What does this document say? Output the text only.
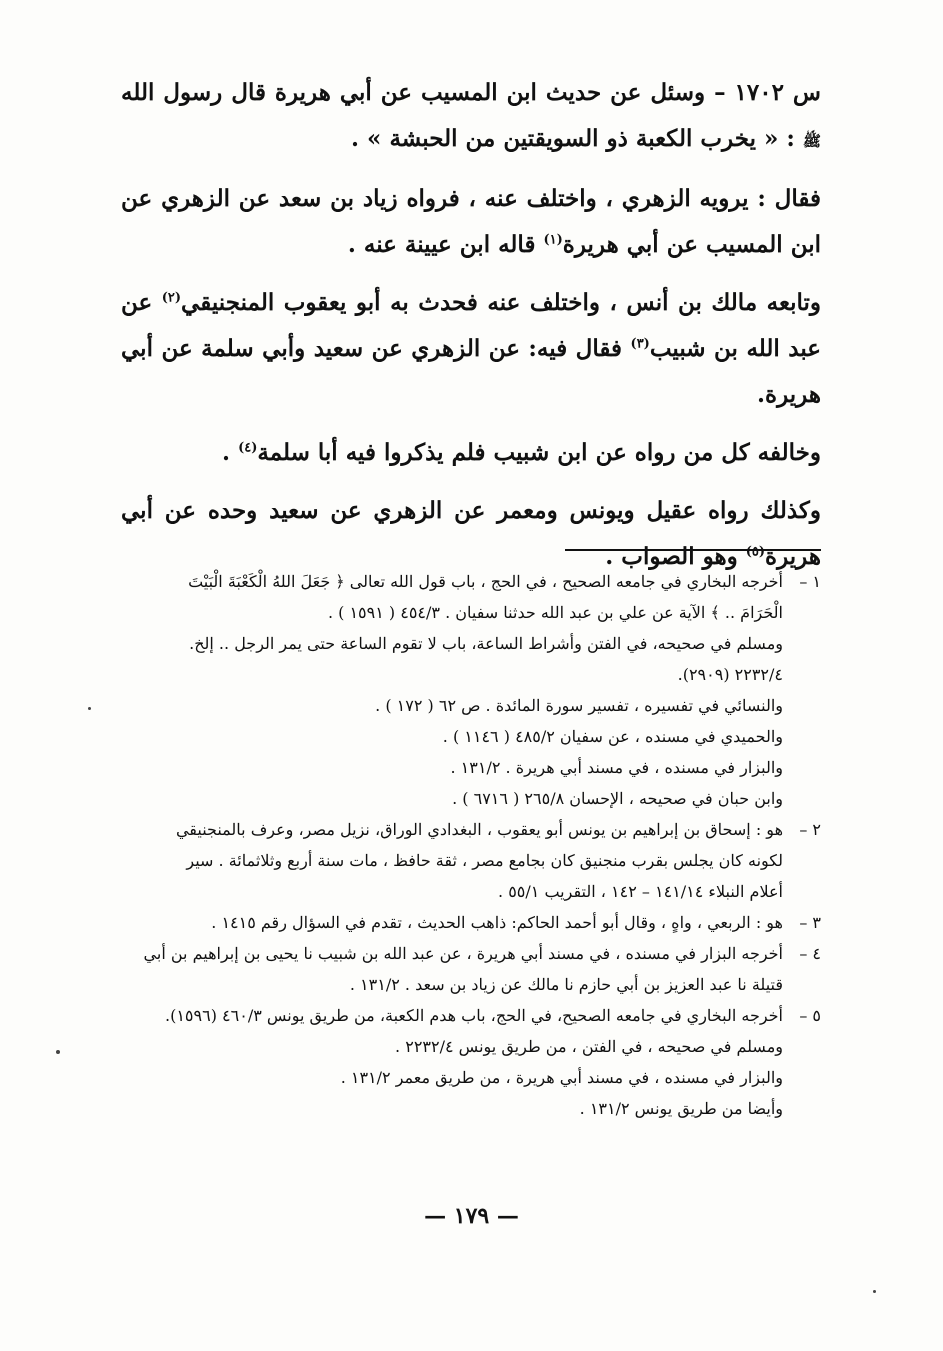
س ١٧٠٢ – وسئل عن حديث ابن المسيب عن أبي هريرة قال رسول الله ﷺ : « يخرب الكعبة ذو السويقتين من الحبشة » .

فقال : يرويه الزهري ، واختلف عنه ، فرواه زياد بن سعد عن الزهري عن ابن المسيب عن أبي هريرة$^{(١)}$ قاله ابن عيينة عنه .

وتابعه مالك بن أنس ، واختلف عنه فحدث به أبو يعقوب المنجنيقي$^{(٢)}$ عن عبد الله بن شبيب$^{(٣)}$ فقال فيه: عن الزهري عن سعيد وأبي سلمة عن أبي هريرة.

وخالفه كل من رواه عن ابن شبيب فلم يذكروا فيه أبا سلمة$^{(٤)}$ .

وكذلك رواه عقيل ويونس ومعمر عن الزهري عن سعيد وحده عن أبي هريرة$^{(٥)}$ وهو الصواب .

١ –
أخرجه البخاري في جامعه الصحيح ، في الحج ، باب قول الله تعالى ﴿ جَعَلَ اللهُ الْكَعْبَةَ الْبَيْتَ
الْحَرَامَ .. ﴾ الآية عن علي بن عبد الله حدثنا سفيان . ٤٥٤/٣ ( ١٥٩١ ) .
ومسلم في صحيحه، في الفتن وأشراط الساعة، باب لا تقوم الساعة حتى يمر الرجل .. إلخ.
٢٢٣٢/٤ (٢٩٠٩).
والنسائي في تفسيره ، تفسير سورة المائدة . ص ٦٢ ( ١٧٢ ) .
والحميدي في مسنده ، عن سفيان ٤٨٥/٢ ( ١١٤٦ ) .
والبزار في مسنده ، في مسند أبي هريرة . ١٣١/٢ .
وابن حبان في صحيحه ، الإحسان ٢٦٥/٨ ( ٦٧١٦ ) .
٢ –
هو : إسحاق بن إبراهيم بن يونس أبو يعقوب ، البغدادي الوراق، نزيل مصر، وعرف بالمنجنيقي
لكونه كان يجلس بقرب منجنيق كان بجامع مصر ، ثقة حافظ ، مات سنة أربع وثلاثمائة . سير
أعلام النبلاء ١٤١/١٤ – ١٤٢ ، التقريب ٥٥/١ .
٣ –
هو : الربعي ، واهٍ ، وقال أبو أحمد الحاكم: ذاهب الحديث ، تقدم في السؤال رقم ١٤١٥ .
٤ –
أخرجه البزار في مسنده ، في مسند أبي هريرة ، عن عبد الله بن شبيب نا يحيى بن إبراهيم بن أبي
قتيلة نا عبد العزيز بن أبي حازم نا مالك عن زياد بن سعد . ١٣١/٢ .
٥ –
أخرجه البخاري في جامعه الصحيح، في الحج، باب هدم الكعبة، من طريق يونس ٤٦٠/٣ (١٥٩٦).
ومسلم في صحيحه ، في الفتن ، من طريق يونس ٢٢٣٢/٤ .
والبزار في مسنده ، في مسند أبي هريرة ، من طريق معمر ١٣١/٢ .
وأيضا من طريق يونس ١٣١/٢ .
— ١٧٩ —
